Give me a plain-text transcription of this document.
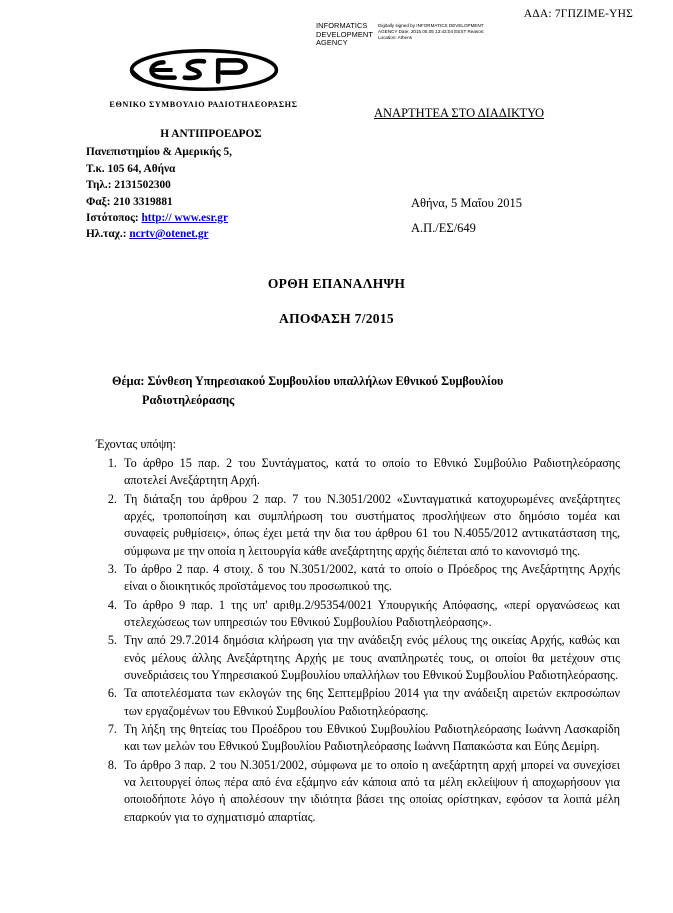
ΑΔΑ: 7ΓΠΖΙΜΕ-ΥΗΣ
INFORMATICS DEVELOPMENT AGENCY
Digitally signed by INFORMATICS DEVELOPMENT AGENCY Date: 2015.05.05 13:43:04 EEST Reason: Location: Athens
ΕΘΝΙΚΟ ΣΥΜΒΟΥΛΙΟ ΡΑΔΙΟΤΗΛΕΟΡΑΣΗΣ
Η ΑΝΤΙΠΡΟΕΔΡΟΣ
Πανεπιστημίου & Αμερικής 5,
Τ.κ. 105 64, Αθήνα
Τηλ.: 2131502300
Φαξ: 210 3319881
Ιστότοπος: http:// www.esr.gr
Ηλ.ταχ.: ncrtv@otenet.gr
ΑΝΑΡΤΗΤΕΑ ΣΤΟ ΔΙΑΔΙΚΤΥΟ
Αθήνα, 5 Μαΐου 2015
Α.Π./ΕΣ/649
ΟΡΘΗ ΕΠΑΝΑΛΗΨΗ
ΑΠΟΦΑΣΗ 7/2015
Θέμα: Σύνθεση Υπηρεσιακού Συμβουλίου υπαλλήλων Εθνικού Συμβουλίου
Ραδιοτηλεόρασης
Έχοντας υπόψη:
1. Το άρθρο 15 παρ. 2 του Συντάγματος, κατά το οποίο το Εθνικό Συμβούλιο Ραδιοτηλεόρασης αποτελεί Ανεξάρτητη Αρχή.
2. Τη διάταξη του άρθρου 2 παρ. 7 του Ν.3051/2002 «Συνταγματικά κατοχυρωμένες ανεξάρτητες αρχές, τροποποίηση και συμπλήρωση του συστήματος προσλήψεων στο δημόσιο τομέα και συναφείς ρυθμίσεις», όπως έχει μετά την δια του άρθρου 61 του Ν.4055/2012 αντικατάσταση της, σύμφωνα με την οποία η λειτουργία κάθε ανεξάρτητης αρχής διέπεται από το κανονισμό της.
3. Το άρθρο 2 παρ. 4 στοιχ. δ του Ν.3051/2002, κατά το οποίο ο Πρόεδρος της Ανεξάρτητης Αρχής είναι ο διοικητικός προϊστάμενος του προσωπικού της.
4. Το άρθρο 9 παρ. 1 της υπ' αριθμ.2/95354/0021 Υπουργικής Απόφασης, «περί οργανώσεως και στελεχώσεως των υπηρεσιών του Εθνικού Συμβουλίου Ραδιοτηλεόρασης».
5. Την από 29.7.2014 δημόσια κλήρωση για την ανάδειξη ενός μέλους της οικείας Αρχής, καθώς και ενός μέλους άλλης Ανεξάρτητης Αρχής με τους αναπληρωτές τους, οι οποίοι θα μετέχουν στις συνεδριάσεις του Υπηρεσιακού Συμβουλίου υπαλλήλων του Εθνικού Συμβουλίου Ραδιοτηλεόρασης.
6. Τα αποτελέσματα των εκλογών της 6ης Σεπτεμβρίου 2014 για την ανάδειξη αιρετών εκπροσώπων των εργαζομένων του Εθνικού Συμβουλίου Ραδιοτηλεόρασης.
7. Τη λήξη της θητείας του Προέδρου του Εθνικού Συμβουλίου Ραδιοτηλεόρασης Ιωάννη Λασκαρίδη και των μελών του Εθνικού Συμβουλίου Ραδιοτηλεόρασης Ιωάννη Παπακώστα και Εύης Δεμίρη.
8. Το άρθρο 3 παρ. 2 του Ν.3051/2002, σύμφωνα με το οποίο η ανεξάρτητη αρχή μπορεί να συνεχίσει να λειτουργεί όπως πέρα από ένα εξάμηνο εάν κάποια από τα μέλη εκλείψουν ή αποχωρήσουν για οποιοδήποτε λόγο ή απολέσουν την ιδιότητα βάσει της οποίας ορίστηκαν, εφόσον τα λοιπά μέλη επαρκούν για το σχηματισμό απαρτίας.
